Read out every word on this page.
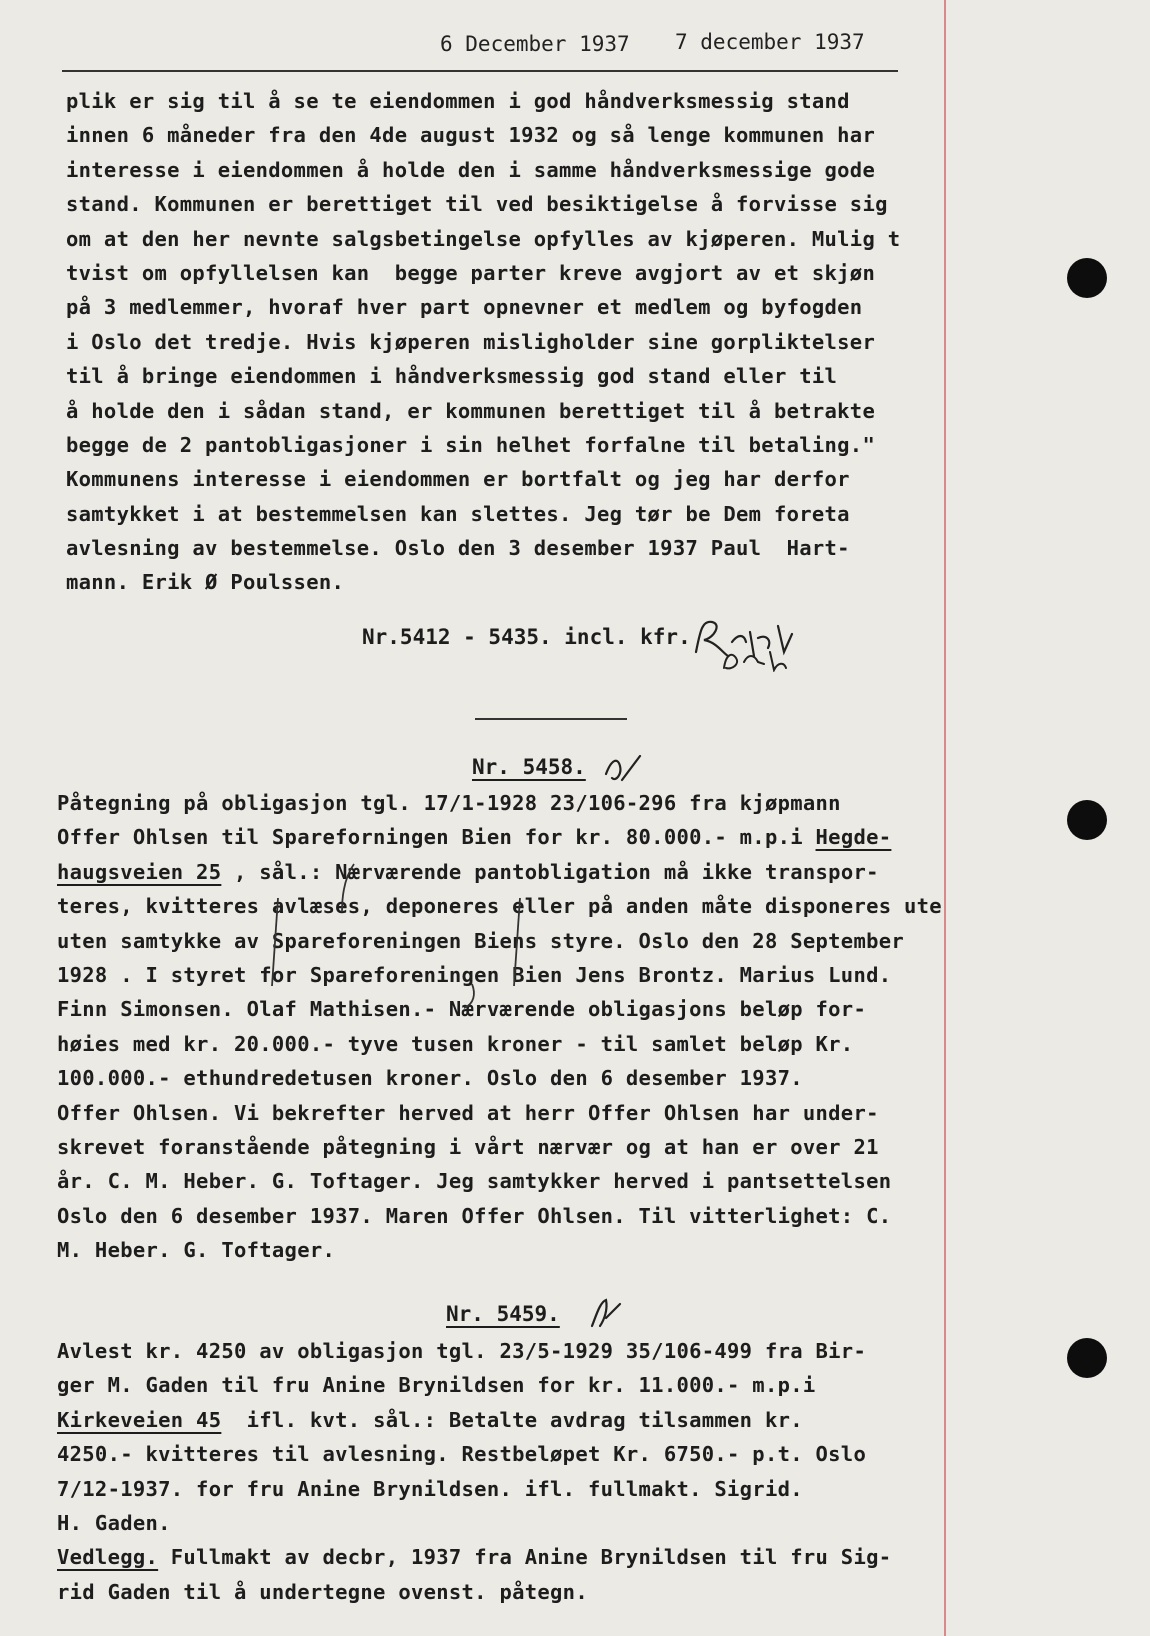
6 December 1937 7 december 1937
plik er sig til å se te eiendommen i god håndverksmessig stand
innen 6 måneder fra den 4de august 1932 og så lenge kommunen har
interesse i eiendommen å holde den i samme håndverksmessige gode
stand. Kommunen er berettiget til ved besiktigelse å forvisse sig
om at den her nevnte salgsbetingelse opfylles av kjøperen. Mulig t
tvist om opfyllelsen kan  begge parter kreve avgjort av et skjøn
på 3 medlemmer, hvoraf hver part opnevner et medlem og byfogden
i Oslo det tredje. Hvis kjøperen misligholder sine gorpliktelser
til å bringe eiendommen i håndverksmessig god stand eller til
å holde den i sådan stand, er kommunen berettiget til å betrakte
begge de 2 pantobligasjoner i sin helhet forfalne til betaling."
Kommunens interesse i eiendommen er bortfalt og jeg har derfor
samtykket i at bestemmelsen kan slettes. Jeg tør be Dem foreta
avlesning av bestemmelse. Oslo den 3 desember 1937 Paul  Hart-
mann. Erik Ø Poulssen.
Nr.5412 - 5435. incl. kfr.
Nr. 5458.
Påtegning på obligasjon tgl. 17/1-1928 23/106-296 fra kjøpmann
Offer Ohlsen til Spareforningen Bien for kr. 80.000.- m.p.i Hegde-
haugsveien 25 , sål.: Nærværende pantobligation må ikke transpor-
teres, kvitteres avlæses, deponeres eller på anden måte disponeres ute
uten samtykke av Spareforeningen Biens styre. Oslo den 28 September
1928 . I styret for Spareforeningen Bien Jens Brontz. Marius Lund.
Finn Simonsen. Olaf Mathisen.- Nærværende obligasjons beløp for-
høies med kr. 20.000.- tyve tusen kroner - til samlet beløp Kr.
100.000.- ethundredetusen kroner. Oslo den 6 desember 1937.
Offer Ohlsen. Vi bekrefter herved at herr Offer Ohlsen har under-
skrevet foranstående påtegning i vårt nærvær og at han er over 21
år. C. M. Heber. G. Toftager. Jeg samtykker herved i pantsettelsen
Oslo den 6 desember 1937. Maren Offer Ohlsen. Til vitterlighet: C.
M. Heber. G. Toftager.
Nr. 5459.
Avlest kr. 4250 av obligasjon tgl. 23/5-1929 35/106-499 fra Bir-
ger M. Gaden til fru Anine Brynildsen for kr. 11.000.- m.p.i
Kirkeveien 45  ifl. kvt. sål.: Betalte avdrag tilsammen kr.
4250.- kvitteres til avlesning. Restbeløpet Kr. 6750.- p.t. Oslo
7/12-1937. for fru Anine Brynildsen. ifl. fullmakt. Sigrid.
H. Gaden.
Vedlegg. Fullmakt av decbr, 1937 fra Anine Brynildsen til fru Sig-
rid Gaden til å undertegne ovenst. påtegn.
